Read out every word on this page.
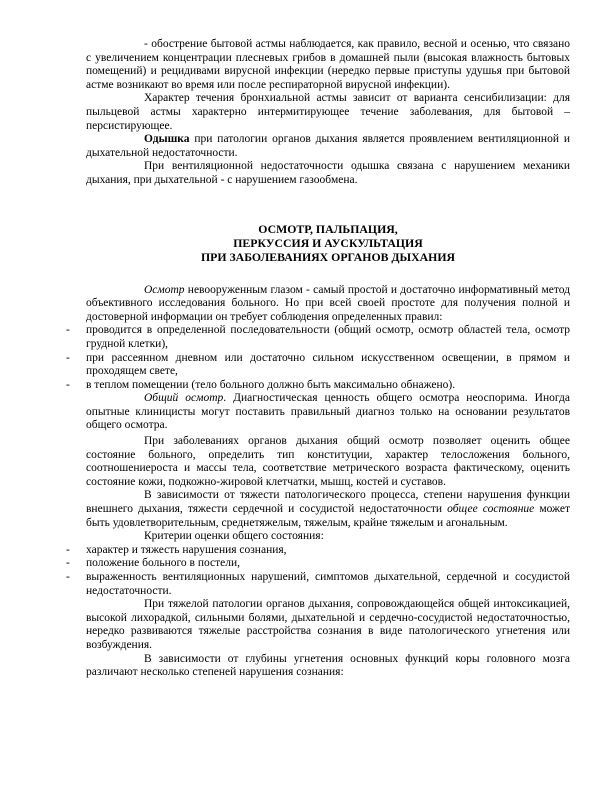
- обострение бытовой астмы наблюдается, как правило, весной и осенью, что связано с увеличением концентрации плесневых грибов в домашней пыли (высокая влажность бытовых помещений) и рецидивами вирусной инфекции (нередко первые приступы удушья при бытовой астме возникают во время или после респираторной вирусной инфекции).

Характер течения бронхиальной астмы зависит от варианта сенсибилизации: для пыльцевой астмы характерно интермитирующее течение заболевания, для бытовой – персистирующее.

Одышка при патологии органов дыхания является проявлением вентиляционной и дыхательной недостаточности.

При вентиляционной недостаточности одышка связана с нарушением механики дыхания, при дыхательной - с нарушением газообмена.

ОСМОТР, ПАЛЬПАЦИЯ,
ПЕРКУССИЯ И АУСКУЛЬТАЦИЯ
ПРИ ЗАБОЛЕВАНИЯХ ОРГАНОВ ДЫХАНИЯ

Осмотр невооруженным глазом - самый простой и достаточно информативный метод объективного исследования больного. Но при всей своей простоте для получения полной и достоверной информации он требует соблюдения определенных правил:

- проводится в определенной последовательности (общий осмотр, осмотр областей тела, осмотр грудной клетки),
- при рассеянном дневном или достаточно сильном искусственном освещении, в прямом и проходящем свете,
- в теплом помещении (тело больного должно быть максимально обнажено).

Общий осмотр. Диагностическая ценность общего осмотра неоспорима. Иногда опытные клиницисты могут поставить правильный диагноз только на основании результатов общего осмотра.

При заболеваниях органов дыхания общий осмотр позволяет оценить общее состояние больного, определить тип конституции, характер телосложения больного, соотношениероста и массы тела, соответствие метрического возраста фактическому, оценить состояние кожи, подкожно-жировой клетчатки, мышц, костей и суставов.

В зависимости от тяжести патологического процесса, степени нарушения функции внешнего дыхания, тяжести сердечной и сосудистой недостаточности общее состояние может быть удовлетворительным, среднетяжелым, тяжелым, крайне тяжелым и агональным.

Критерии оценки общего состояния:

- характер и тяжесть нарушения сознания,
- положение больного в постели,
- выраженность вентиляционных нарушений, симптомов дыхательной, сердечной и сосудистой недостаточности.

При тяжелой патологии органов дыхания, сопровождающейся общей интоксикацией, высокой лихорадкой, сильными болями, дыхательной и сердечно-сосудистой недостаточностью, нередко развиваются тяжелые расстройства сознания в виде патологического угнетения или возбуждения.

В зависимости от глубины угнетения основных функций коры головного мозга различают несколько степеней нарушения сознания:
